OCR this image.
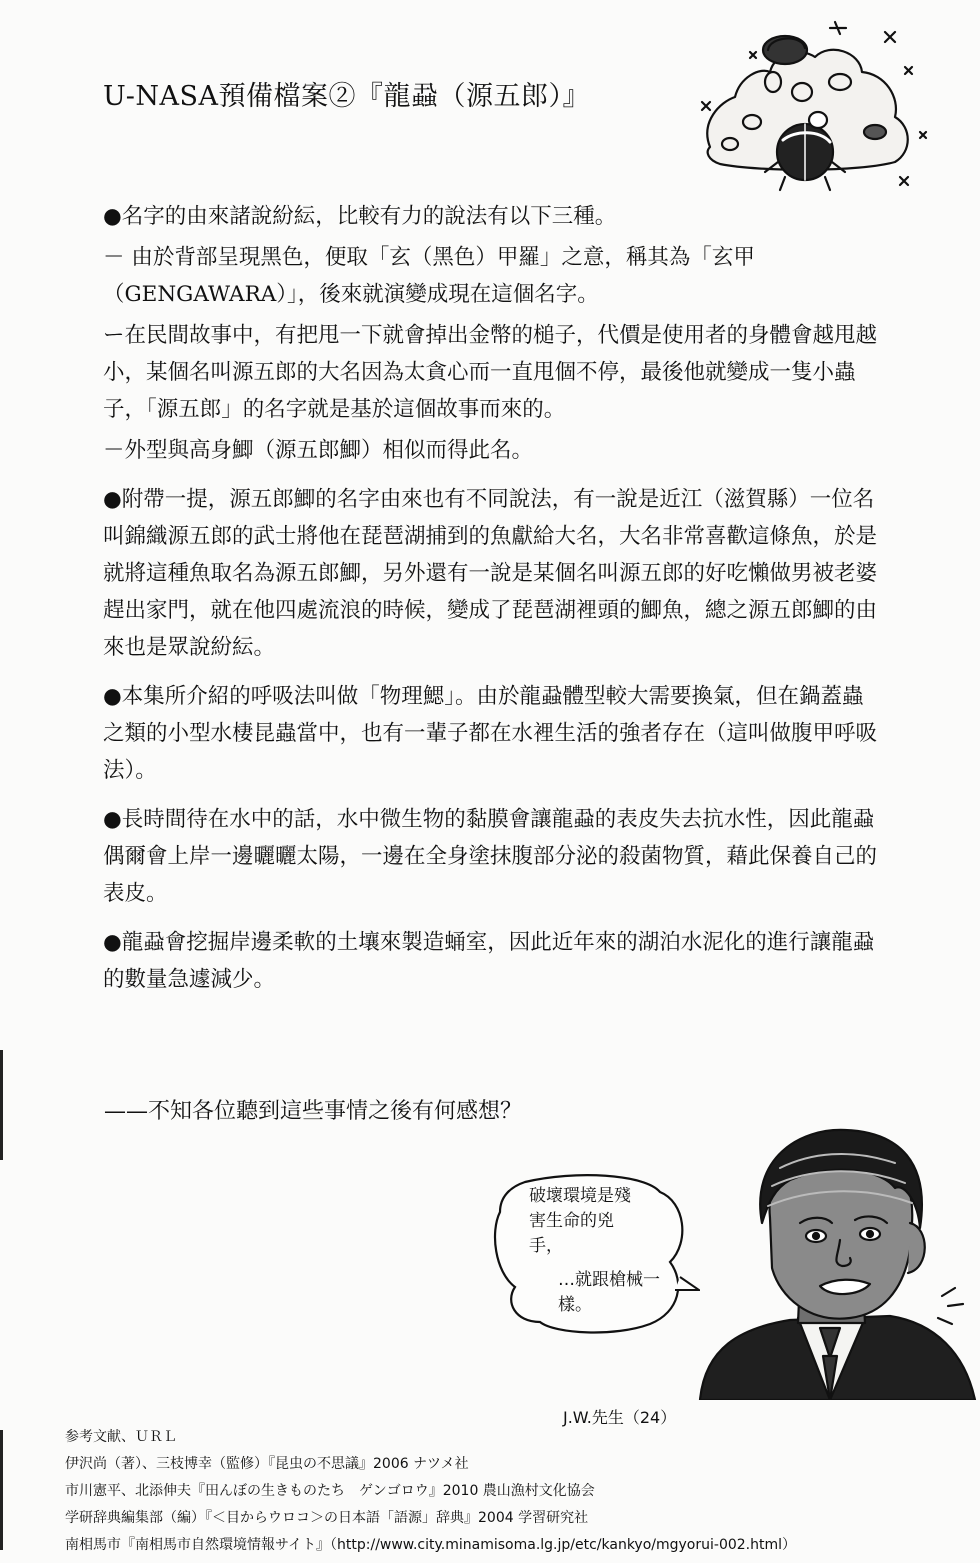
U-NASA預備檔案②『龍蝨（源五郎）』

●名字的由來諸說紛紜，比較有力的說法有以下三種。

－ 由於背部呈現黑色，便取「玄（黑色）甲羅」之意，稱其為「玄甲（GENGAWARA）」，後來就演變成現在這個名字。

ー在民間故事中，有把甩一下就會掉出金幣的槌子，代價是使用者的身體會越甩越小，某個名叫源五郎的大名因為太貪心而一直甩個不停，最後他就變成一隻小蟲子，「源五郎」的名字就是基於這個故事而來的。

－外型與高身鯽（源五郎鯽）相似而得此名。

●附帶一提，源五郎鯽的名字由來也有不同說法，有一說是近江（滋賀縣）一位名叫錦織源五郎的武士將他在琵琶湖捕到的魚獻給大名，大名非常喜歡這條魚，於是就將這種魚取名為源五郎鯽，另外還有一說是某個名叫源五郎的好吃懶做男被老婆趕出家門，就在他四處流浪的時候，變成了琵琶湖裡頭的鯽魚，總之源五郎鯽的由來也是眾說紛紜。

●本集所介紹的呼吸法叫做「物理鰓」。由於龍蝨體型較大需要換氣，但在鍋蓋蟲之類的小型水棲昆蟲當中，也有一輩子都在水裡生活的強者存在（這叫做腹甲呼吸法）。

●長時間待在水中的話，水中微生物的黏膜會讓龍蝨的表皮失去抗水性，因此龍蝨偶爾會上岸一邊曬曬太陽，一邊在全身塗抹腹部分泌的殺菌物質，藉此保養自己的表皮。

●龍蝨會挖掘岸邊柔軟的土壤來製造蛹室，因此近年來的湖泊水泥化的進行讓龍蝨的數量急遽減少。

——不知各位聽到這些事情之後有何感想？
破壞環境是殘害生命的兇手，
…就跟槍械一樣。
J.W.先生（24）
参考文献、ＵＲＬ
伊沢尚（著）、三枝博幸（監修）『昆虫の不思議』2006 ナツメ社
市川憲平、北添伸夫『田んぼの生きものたち　ゲンゴロウ』2010 農山漁村文化協会
学研辞典編集部（編）『＜目からウロコ＞の日本語「語源」辞典』2004 学習研究社
南相馬市『南相馬市自然環境情報サイト』（http://www.city.minamisoma.lg.jp/etc/kankyo/mgyorui-002.html）
